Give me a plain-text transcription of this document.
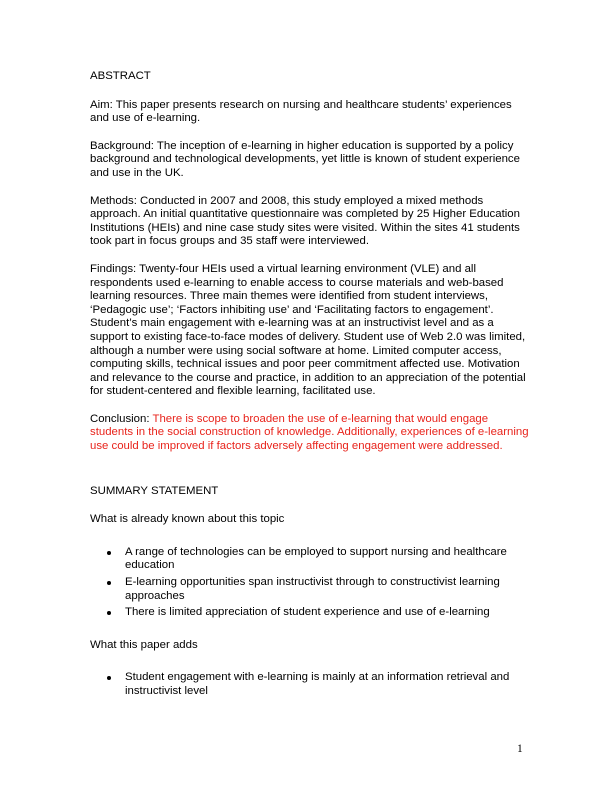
ABSTRACT

Aim: This paper presents research on nursing and healthcare students’ experiences and use of e-learning.

Background: The inception of e-learning in higher education is supported by a policy background and technological developments, yet little is known of student experience and use in the UK.

Methods: Conducted in 2007 and 2008, this study employed a mixed methods approach. An initial quantitative questionnaire was completed by 25 Higher Education Institutions (HEIs) and nine case study sites were visited. Within the sites 41 students took part in focus groups and 35 staff were interviewed.

Findings: Twenty-four HEIs used a virtual learning environment (VLE) and all respondents used e-learning to enable access to course materials and web-based learning resources. Three main themes were identified from student interviews, ‘Pedagogic use’; ‘Factors inhibiting use’ and ‘Facilitating factors to engagement’. Student’s main engagement with e-learning was at an instructivist level and as a support to existing face-to-face modes of delivery. Student use of Web 2.0 was limited, although a number were using social software at home. Limited computer access, computing skills, technical issues and poor peer commitment affected use. Motivation and relevance to the course and practice, in addition to an appreciation of the potential for student-centered and flexible learning, facilitated use.

Conclusion: There is scope to broaden the use of e-learning that would engage students in the social construction of knowledge. Additionally, experiences of e-learning use could be improved if factors adversely affecting engagement were addressed.

SUMMARY STATEMENT
What is already known about this topic
A range of technologies can be employed to support nursing and healthcare education
E-learning opportunities span instructivist through to constructivist learning approaches
There is limited appreciation of student experience and use of e-learning
What this paper adds
Student engagement with e-learning is mainly at an information retrieval and instructivist level
1
